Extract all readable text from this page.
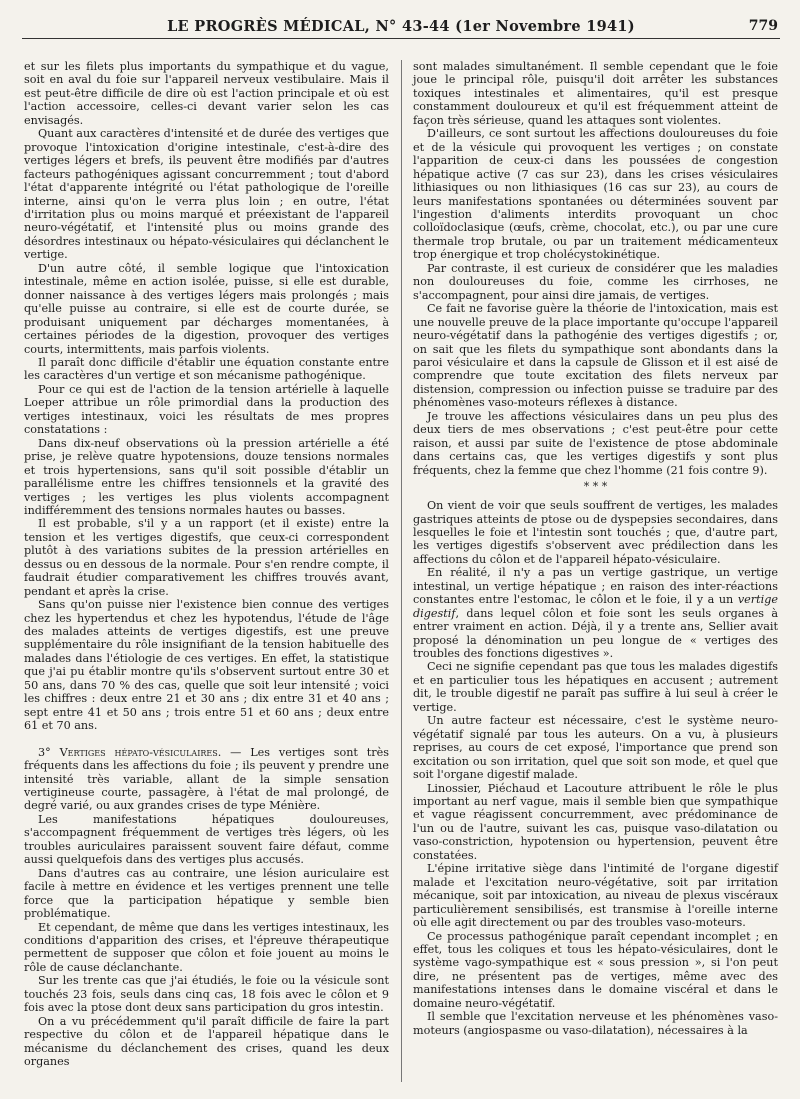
LE PROGRÈS MÉDICAL, N° 43-44 (1er Novembre 1941)	779

et sur les filets plus importants du sympathique et du vague, soit en aval du foie sur l'appareil nerveux vestibulaire. Mais il est peut-être difficile de dire où est l'action principale et où est l'action accessoire, celles-ci devant varier selon les cas envisagés.

Quant aux caractères d'intensité et de durée des vertiges que provoque l'intoxication d'origine intestinale, c'est-à-dire des vertiges légers et brefs, ils peuvent être modifiés par d'autres facteurs pathogéniques agissant concurremment ; tout d'abord l'état d'apparente intégrité ou l'état pathologique de l'oreille interne, ainsi qu'on le verra plus loin ; en outre, l'état d'irritation plus ou moins marqué et préexistant de l'appareil neuro-végétatif, et l'intensité plus ou moins grande des désordres intestinaux ou hépato-vésiculaires qui déclanchent le vertige.

D'un autre côté, il semble logique que l'intoxication intestinale, même en action isolée, puisse, si elle est durable, donner naissance à des vertiges légers mais prolongés ; mais qu'elle puisse au contraire, si elle est de courte durée, se produisant uniquement par décharges momentanées, à certaines périodes de la digestion, provoquer des vertiges courts, intermittents, mais parfois violents.

Il paraît donc difficile d'établir une équation constante entre les caractères d'un vertige et son mécanisme pathogénique.

Pour ce qui est de l'action de la tension artérielle à laquelle Loeper attribue un rôle primordial dans la production des vertiges intestinaux, voici les résultats de mes propres constatations :

Dans dix-neuf observations où la pression artérielle a été prise, je relève quatre hypotensions, douze tensions normales et trois hypertensions, sans qu'il soit possible d'établir un parallélisme entre les chiffres tensionnels et la gravité des vertiges ; les vertiges les plus violents accompagnent indifféremment des tensions normales hautes ou basses.

Il est probable, s'il y a un rapport (et il existe) entre la tension et les vertiges digestifs, que ceux-ci correspondent plutôt à des variations subites de la pression artérielles en dessus ou en dessous de la normale. Pour s'en rendre compte, il faudrait étudier comparativement les chiffres trouvés avant, pendant et après la crise.

Sans qu'on puisse nier l'existence bien connue des vertiges chez les hypertendus et chez les hypotendus, l'étude de l'âge des malades atteints de vertiges digestifs, est une preuve supplémentaire du rôle insignifiant de la tension habituelle des malades dans l'étiologie de ces vertiges. En effet, la statistique que j'ai pu établir montre qu'ils s'observent surtout entre 30 et 50 ans, dans 70 % des cas, quelle que soit leur intensité ; voici les chiffres : deux entre 21 et 30 ans ; dix entre 31 et 40 ans ; sept entre 41 et 50 ans ; trois entre 51 et 60 ans ; deux entre 61 et 70 ans.

3° Vertiges hépato-vésiculaires. — Les vertiges sont très fréquents dans les affections du foie ; ils peuvent y prendre une intensité très variable, allant de la simple sensation vertigineuse courte, passagère, à l'état de mal prolongé, de degré varié, ou aux grandes crises de type Ménière.

Les manifestations hépatiques douloureuses, s'accompagnent fréquemment de vertiges très légers, où les troubles auriculaires paraissent souvent faire défaut, comme aussi quelquefois dans des vertiges plus accusés.

Dans d'autres cas au contraire, une lésion auriculaire est facile à mettre en évidence et les vertiges prennent une telle force que la participation hépatique y semble bien problématique.

Et cependant, de même que dans les vertiges intestinaux, les conditions d'apparition des crises, et l'épreuve thérapeutique permettent de supposer que côlon et foie jouent au moins le rôle de cause déclanchante.

Sur les trente cas que j'ai étudiés, le foie ou la vésicule sont touchés 23 fois, seuls dans cinq cas, 18 fois avec le côlon et 9 fois avec la ptose dont deux sans participation du gros intestin.

On a vu précédemment qu'il paraît difficile de faire la part respective du côlon et de l'appareil hépatique dans le mécanisme du déclanchement des crises, quand les deux organes

sont malades simultanément. Il semble cependant que le foie joue le principal rôle, puisqu'il doit arrêter les substances toxiques intestinales et alimentaires, qu'il est presque constamment douloureux et qu'il est fréquemment atteint de façon très sérieuse, quand les attaques sont violentes.

D'ailleurs, ce sont surtout les affections douloureuses du foie et de la vésicule qui provoquent les vertiges ; on constate l'apparition de ceux-ci dans les poussées de congestion hépatique active (7 cas sur 23), dans les crises vésiculaires lithiasiques ou non lithiasiques (16 cas sur 23), au cours de leurs manifestations spontanées ou déterminées souvent par l'ingestion d'aliments interdits provoquant un choc colloïdoclasique (œufs, crème, chocolat, etc.), ou par une cure thermale trop brutale, ou par un traitement médicamenteux trop énergique et trop cholécystokinétique.

Par contraste, il est curieux de considérer que les maladies non douloureuses du foie, comme les cirrhoses, ne s'accompagnent, pour ainsi dire jamais, de vertiges.

Ce fait ne favorise guère la théorie de l'intoxication, mais est une nouvelle preuve de la place importante qu'occupe l'appareil neuro-végétatif dans la pathogénie des vertiges digestifs ; or, on sait que les filets du sympathique sont abondants dans la paroi vésiculaire et dans la capsule de Glisson et il est aisé de comprendre que toute excitation des filets nerveux par distension, compression ou infection puisse se traduire par des phénomènes vaso-moteurs réflexes à distance.

Je trouve les affections vésiculaires dans un peu plus des deux tiers de mes observations ; c'est peut-être pour cette raison, et aussi par suite de l'existence de ptose abdominale dans certains cas, que les vertiges digestifs y sont plus fréquents, chez la femme que chez l'homme (21 fois contre 9).

* * *

On vient de voir que seuls souffrent de vertiges, les malades gastriques atteints de ptose ou de dyspepsies secondaires, dans lesquelles le foie et l'intestin sont touchés ; que, d'autre part, les vertiges digestifs s'observent avec prédilection dans les affections du côlon et de l'appareil hépato-vésiculaire.

En réalité, il n'y a pas un vertige gastrique, un vertige intestinal, un vertige hépatique ; en raison des inter-réactions constantes entre l'estomac, le côlon et le foie, il y a un vertige digestif, dans lequel côlon et foie sont les seuls organes à entrer vraiment en action. Déjà, il y a trente ans, Sellier avait proposé la dénomination un peu longue de « vertiges des troubles des fonctions digestives ».

Ceci ne signifie cependant pas que tous les malades digestifs et en particulier tous les hépatiques en accusent ; autrement dit, le trouble digestif ne paraît pas suffire à lui seul à créer le vertige.

Un autre facteur est nécessaire, c'est le système neuro-végétatif signalé par tous les auteurs. On a vu, à plusieurs reprises, au cours de cet exposé, l'importance que prend son excitation ou son irritation, quel que soit son mode, et quel que soit l'organe digestif malade.

Linossier, Piéchaud et Lacouture attribuent le rôle le plus important au nerf vague, mais il semble bien que sympathique et vague réagissent concurremment, avec prédominance de l'un ou de l'autre, suivant les cas, puisque vaso-dilatation ou vaso-constriction, hypotension ou hypertension, peuvent être constatées.

L'épine irritative siège dans l'intimité de l'organe digestif malade et l'excitation neuro-végétative, soit par irritation mécanique, soit par intoxication, au niveau de plexus viscéraux particulièrement sensibilisés, est transmise à l'oreille interne où elle agit directement ou par des troubles vaso-moteurs.

Ce processus pathogénique paraît cependant incomplet ; en effet, tous les coliques et tous les hépato-vésiculaires, dont le système vago-sympathique est « sous pression », si l'on peut dire, ne présentent pas de vertiges, même avec des manifestations intenses dans le domaine viscéral et dans le domaine neuro-végétatif.

Il semble que l'excitation nerveuse et les phénomènes vaso-moteurs (angiospasme ou vaso-dilatation), nécessaires à la
